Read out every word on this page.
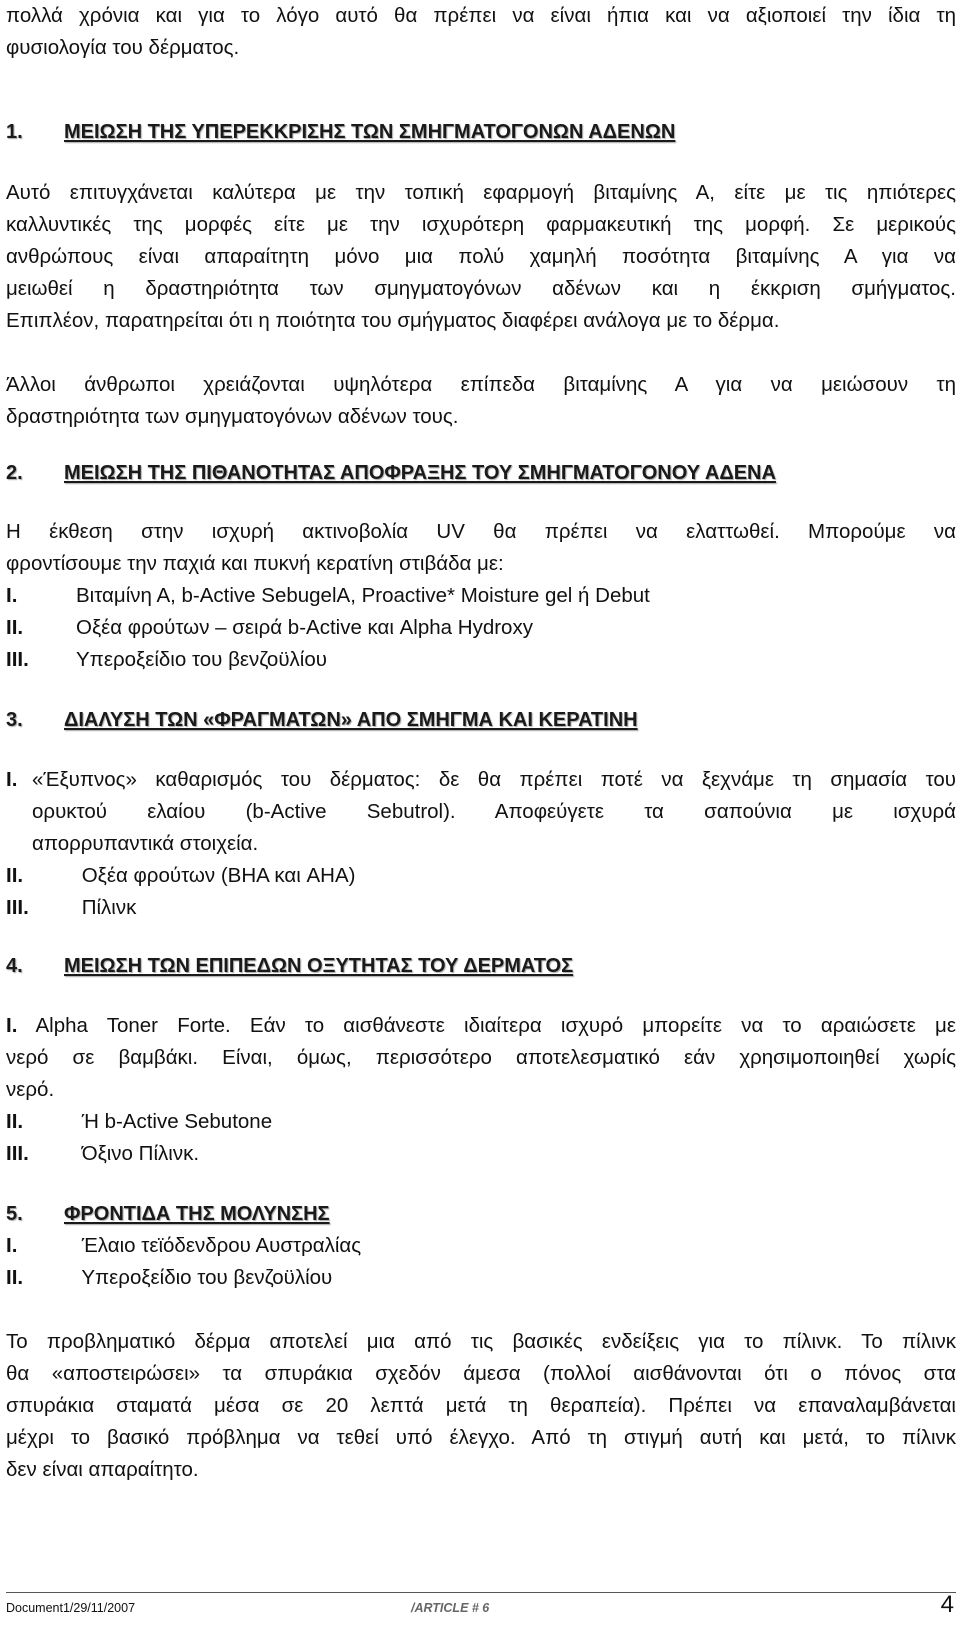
πολλά χρόνια και για το λόγο αυτό θα πρέπει να είναι ήπια και να αξιοποιεί την ίδια τη
φυσιολογία του δέρματος.
1. ΜΕΙΩΣΗ ΤΗΣ ΥΠΕΡΕΚΚΡΙΣΗΣ ΤΩΝ ΣΜΗΓΜΑΤΟΓΟΝΩΝ ΑΔΕΝΩΝ
Αυτό επιτυγχάνεται καλύτερα με την τοπική εφαρμογή βιταμίνης Α, είτε με τις ηπιότερες
καλλυντικές της μορφές είτε με την ισχυρότερη φαρμακευτική της μορφή. Σε μερικούς
ανθρώπους είναι απαραίτητη μόνο μια πολύ χαμηλή ποσότητα βιταμίνης Α για να
μειωθεί η δραστηριότητα των σμηγματογόνων αδένων και η έκκριση σμήγματος.
Επιπλέον, παρατηρείται ότι η ποιότητα του σμήγματος διαφέρει ανάλογα με το δέρμα.
Άλλοι άνθρωποι χρειάζονται υψηλότερα επίπεδα βιταμίνης Α για να μειώσουν τη
δραστηριότητα των σμηγματογόνων αδένων τους.
2. ΜΕΙΩΣΗ ΤΗΣ ΠΙΘΑΝΟΤΗΤΑΣ ΑΠΟΦΡΑΞΗΣ ΤΟΥ ΣΜΗΓΜΑΤΟΓΟΝΟΥ ΑΔΕΝΑ
Η έκθεση στην ισχυρή ακτινοβολία UV θα πρέπει να ελαττωθεί. Μπορούμε να
φροντίσουμε την παχιά και πυκνή κερατίνη στιβάδα με:
I.	Βιταμίνη Α, b-Active SebugelA, Proactive* Moisture gel ή Debut
II.	Οξέα φρούτων – σειρά b-Active και Alpha Hydroxy
III. Υπεροξείδιο του βενζοϋλίου
3. ΔΙΑΛΥΣΗ ΤΩΝ «ΦΡΑΓΜΑΤΩΝ» ΑΠΟ ΣΜΗΓΜΑ ΚΑΙ ΚΕΡΑΤΙΝΗ
I. «Έξυπνος» καθαρισμός του δέρματος: δε θα πρέπει ποτέ να ξεχνάμε τη σημασία του
ορυκτού ελαίου (b-Active Sebutrol). Αποφεύγετε τα σαπούνια με ισχυρά
απορρυπαντικά στοιχεία.
II.	Οξέα φρούτων (BHA και AHA)
III.	Πίλινκ
4. ΜΕΙΩΣΗ ΤΩΝ ΕΠΙΠΕΔΩΝ ΟΞΥΤΗΤΑΣ ΤΟΥ ΔΕΡΜΑΤΟΣ
I. Alpha Toner Forte. Εάν το αισθάνεστε ιδιαίτερα ισχυρό μπορείτε να το αραιώσετε με
νερό σε βαμβάκι. Είναι, όμως, περισσότερο αποτελεσματικό εάν χρησιμοποιηθεί χωρίς
νερό.
II.	Ή b-Active Sebutone
III.	Όξινο Πίλινκ.
5. ΦΡΟΝΤΙΔΑ ΤΗΣ ΜΟΛΥΝΣΗΣ
I.	Έλαιο τεϊόδενδρου Αυστραλίας
II.	Υπεροξείδιο του βενζοϋλίου
Το προβληματικό δέρμα αποτελεί μια από τις βασικές ενδείξεις για το πίλινκ. Το πίλινκ
θα «αποστειρώσει» τα σπυράκια σχεδόν άμεσα (πολλοί αισθάνονται ότι ο πόνος στα
σπυράκια σταματά μέσα σε 20 λεπτά μετά τη θεραπεία). Πρέπει να επαναλαμβάνεται
μέχρι το βασικό πρόβλημα να τεθεί υπό έλεγχο. Από τη στιγμή αυτή και μετά, το πίλινκ
δεν είναι απαραίτητο.
Document1/29/11/2007	/ARTICLE # 6	4
